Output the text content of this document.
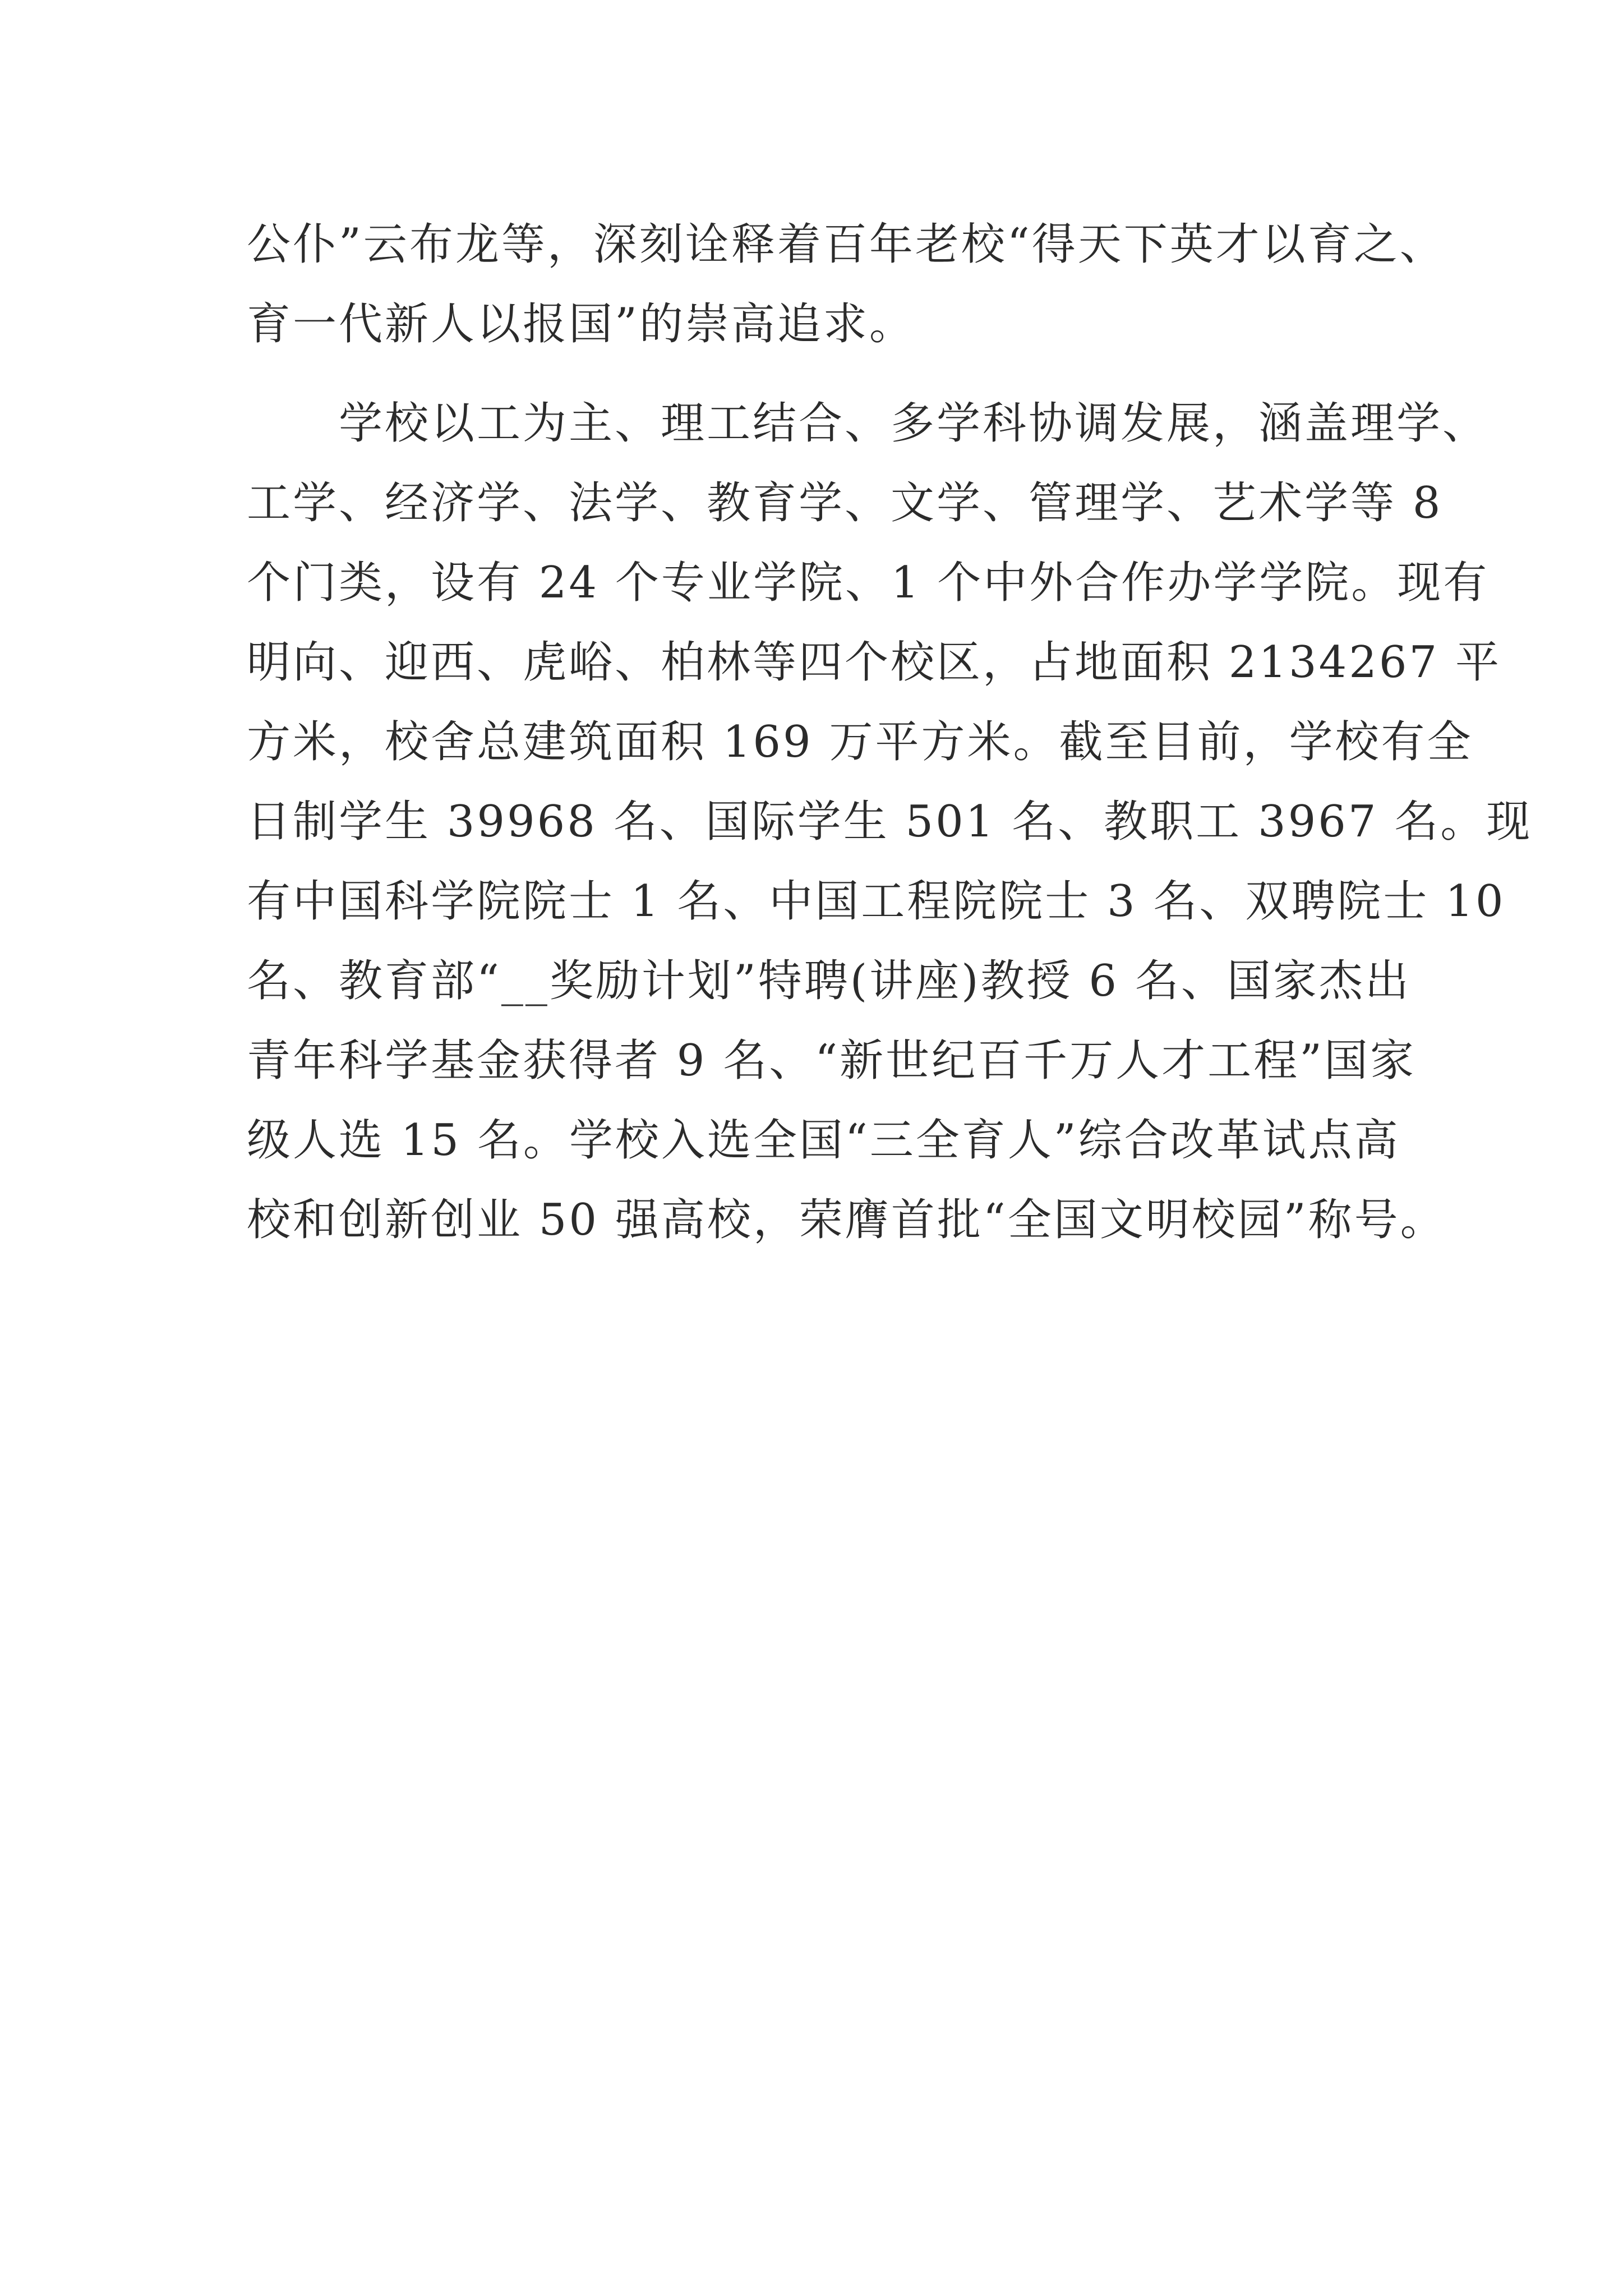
公仆”云布龙等，深刻诠释着百年老校“得天下英才以育之、
育一代新人以报国”的崇高追求。
　　学校以工为主、理工结合、多学科协调发展，涵盖理学、
工学、经济学、法学、教育学、文学、管理学、艺术学等 8
个门类，设有 24 个专业学院、1 个中外合作办学学院。现有
明向、迎西、虎峪、柏林等四个校区，占地面积 2134267 平
方米，校舍总建筑面积 169 万平方米。截至目前，学校有全
日制学生 39968 名、国际学生 501 名、教职工 3967 名。现
有中国科学院院士 1 名、中国工程院院士 3 名、双聘院士 10
名、教育部“__奖励计划”特聘(讲座)教授 6 名、国家杰出
青年科学基金获得者 9 名、“新世纪百千万人才工程”国家
级人选 15 名。学校入选全国“三全育人”综合改革试点高
校和创新创业 50 强高校，荣膺首批“全国文明校园”称号。
